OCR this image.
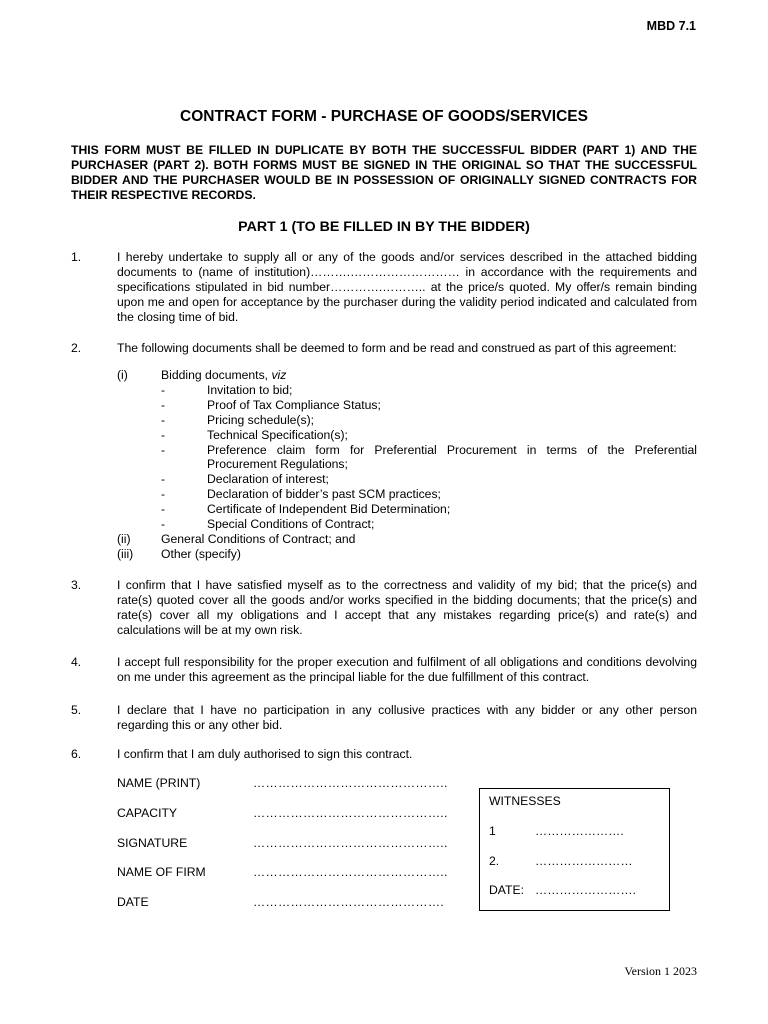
MBD 7.1
CONTRACT FORM - PURCHASE OF GOODS/SERVICES
THIS FORM MUST BE FILLED IN DUPLICATE BY BOTH THE SUCCESSFUL BIDDER (PART 1) AND THE PURCHASER (PART 2). BOTH FORMS MUST BE SIGNED IN THE ORIGINAL SO THAT THE SUCCESSFUL BIDDER AND THE PURCHASER WOULD BE IN POSSESSION OF ORIGINALLY SIGNED CONTRACTS FOR THEIR RESPECTIVE RECORDS.
PART 1 (TO BE FILLED IN BY THE BIDDER)
1.	I hereby undertake to supply all or any of the goods and/or services described in the attached bidding documents to (name of institution)……….……………………… in accordance with the requirements and specifications stipulated in bid number………….……….. at the price/s quoted. My offer/s remain binding upon me and open for acceptance by the purchaser during the validity period indicated and calculated from the closing time of bid.
2.	The following documents shall be deemed to form and be read and construed as part of this agreement:
(i)	Bidding documents, viz
-	Invitation to bid;
-	Proof of Tax Compliance Status;
-	Pricing schedule(s);
-	Technical Specification(s);
-	Preference claim form for Preferential Procurement in terms of the Preferential Procurement Regulations;
-	Declaration of interest;
-	Declaration of bidder’s past SCM practices;
-	Certificate of Independent Bid Determination;
-	Special Conditions of Contract;
(ii) General Conditions of Contract; and
(iii) Other (specify)
3.	I confirm that I have satisfied myself as to the correctness and validity of my bid; that the price(s) and rate(s) quoted cover all the goods and/or works specified in the bidding documents; that the price(s) and rate(s) cover all my obligations and I accept that any mistakes regarding price(s) and rate(s) and calculations will be at my own risk.
4.	I accept full responsibility for the proper execution and fulfilment of all obligations and conditions devolving on me under this agreement as the principal liable for the due fulfillment of this contract.
5.	I declare that I have no participation in any collusive practices with any bidder or any other person regarding this or any other bid.
6.	I confirm that I am duly authorised to sign this contract.
NAME (PRINT)	………………………………………..
CAPACITY	………………………………………..
SIGNATURE	………………………………………..
NAME OF FIRM	………………………………………..
DATE	……………………………………….
WITNESSES
1	………………….
2.	……………………
DATE: …………………….
Version 1 2023
